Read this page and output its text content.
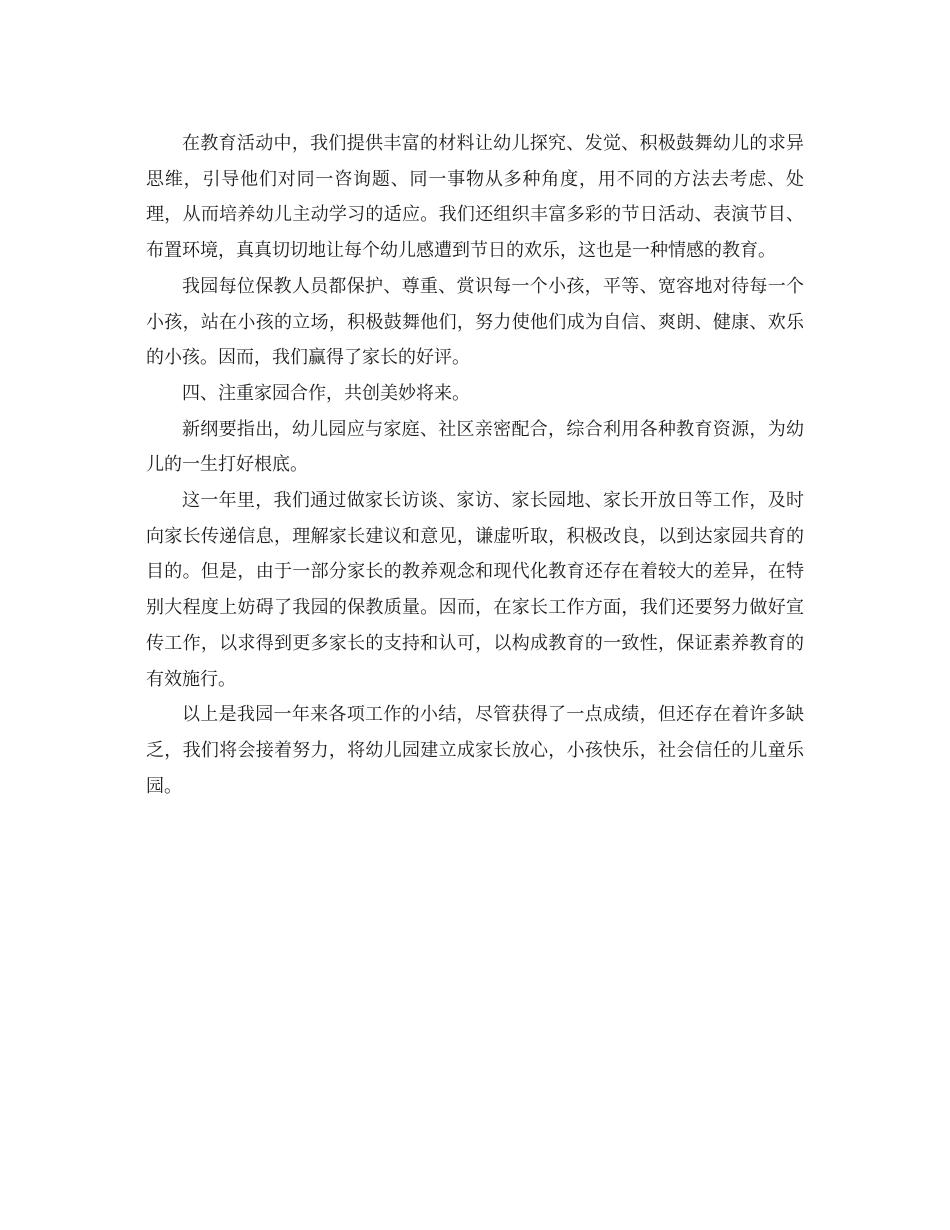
在教育活动中，我们提供丰富的材料让幼儿探究、发觉、积极鼓舞幼儿的求异思维，引导他们对同一咨询题、同一事物从多种角度，用不同的方法去考虑、处理，从而培养幼儿主动学习的适应。我们还组织丰富多彩的节日活动、表演节目、布置环境，真真切切地让每个幼儿感遭到节日的欢乐，这也是一种情感的教育。

我园每位保教人员都保护、尊重、赏识每一个小孩，平等、宽容地对待每一个小孩，站在小孩的立场，积极鼓舞他们，努力使他们成为自信、爽朗、健康、欢乐的小孩。因而，我们赢得了家长的好评。

四、注重家园合作，共创美妙将来。

新纲要指出，幼儿园应与家庭、社区亲密配合，综合利用各种教育资源，为幼儿的一生打好根底。

这一年里，我们通过做家长访谈、家访、家长园地、家长开放日等工作，及时向家长传递信息，理解家长建议和意见，谦虚听取，积极改良，以到达家园共育的目的。但是，由于一部分家长的教养观念和现代化教育还存在着较大的差异，在特别大程度上妨碍了我园的保教质量。因而，在家长工作方面，我们还要努力做好宣传工作，以求得到更多家长的支持和认可，以构成教育的一致性，保证素养教育的有效施行。

以上是我园一年来各项工作的小结，尽管获得了一点成绩，但还存在着许多缺乏，我们将会接着努力，将幼儿园建立成家长放心，小孩快乐，社会信任的儿童乐园。
